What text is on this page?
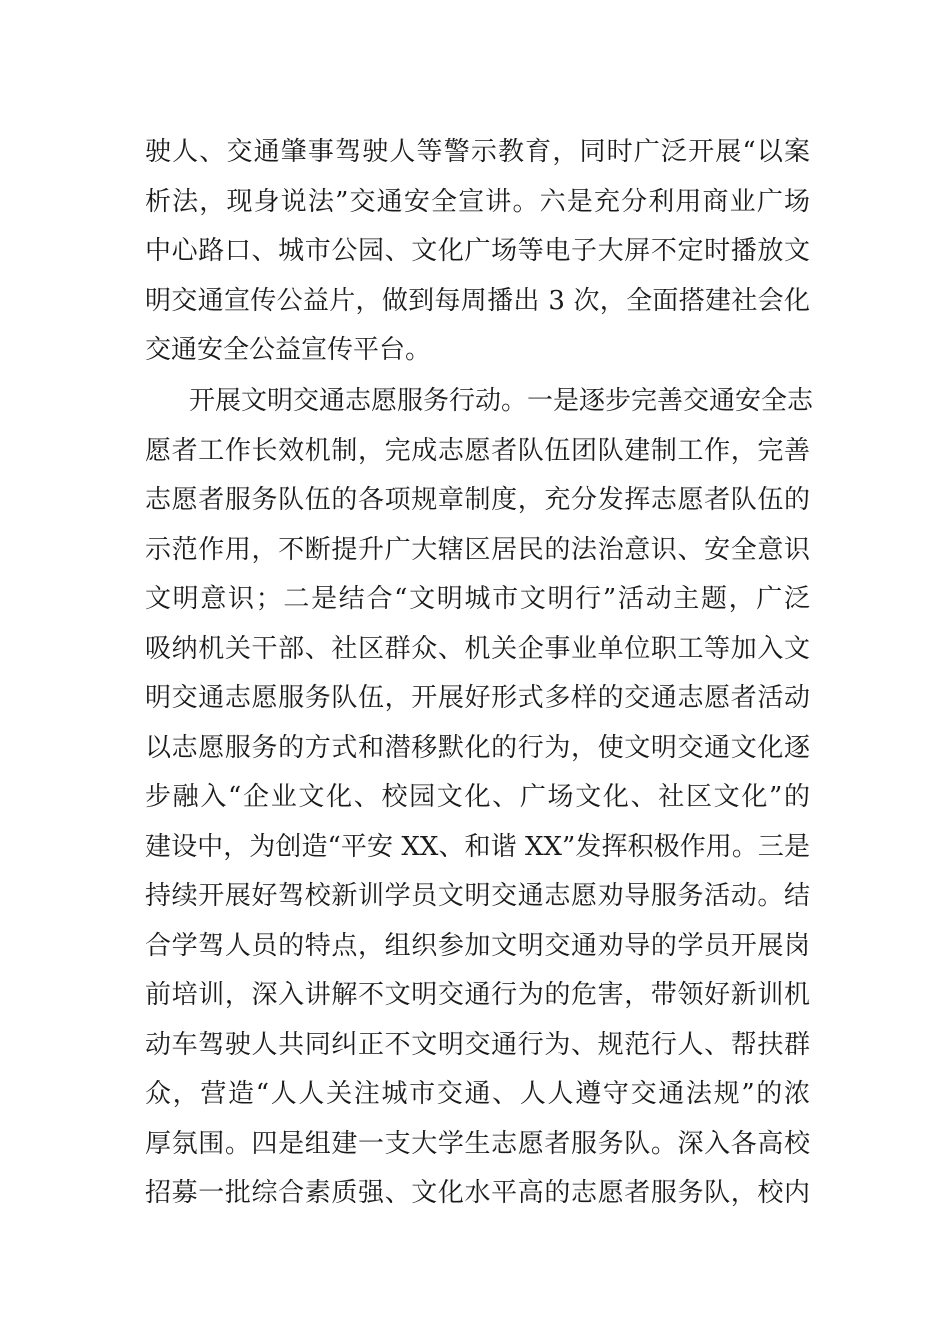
驶人、交通肇事驾驶人等警示教育，同时广泛开展“以案
析法，现身说法”交通安全宣讲。六是充分利用商业广场
中心路口、城市公园、文化广场等电子大屏不定时播放文
明交通宣传公益片，做到每周播出 3 次，全面搭建社会化
交通安全公益宣传平台。
开展文明交通志愿服务行动。一是逐步完善交通安全志
愿者工作长效机制，完成志愿者队伍团队建制工作，完善
志愿者服务队伍的各项规章制度，充分发挥志愿者队伍的
示范作用，不断提升广大辖区居民的法治意识、安全意识
文明意识；二是结合“文明城市文明行”活动主题，广泛
吸纳机关干部、社区群众、机关企事业单位职工等加入文
明交通志愿服务队伍，开展好形式多样的交通志愿者活动
以志愿服务的方式和潜移默化的行为，使文明交通文化逐
步融入“企业文化、校园文化、广场文化、社区文化”的
建设中，为创造“平安 XX、和谐 XX”发挥积极作用。三是
持续开展好驾校新训学员文明交通志愿劝导服务活动。结
合学驾人员的特点，组织参加文明交通劝导的学员开展岗
前培训，深入讲解不文明交通行为的危害，带领好新训机
动车驾驶人共同纠正不文明交通行为、规范行人、帮扶群
众，营造“人人关注城市交通、人人遵守交通法规”的浓
厚氛围。四是组建一支大学生志愿者服务队。深入各高校
招募一批综合素质强、文化水平高的志愿者服务队，校内
